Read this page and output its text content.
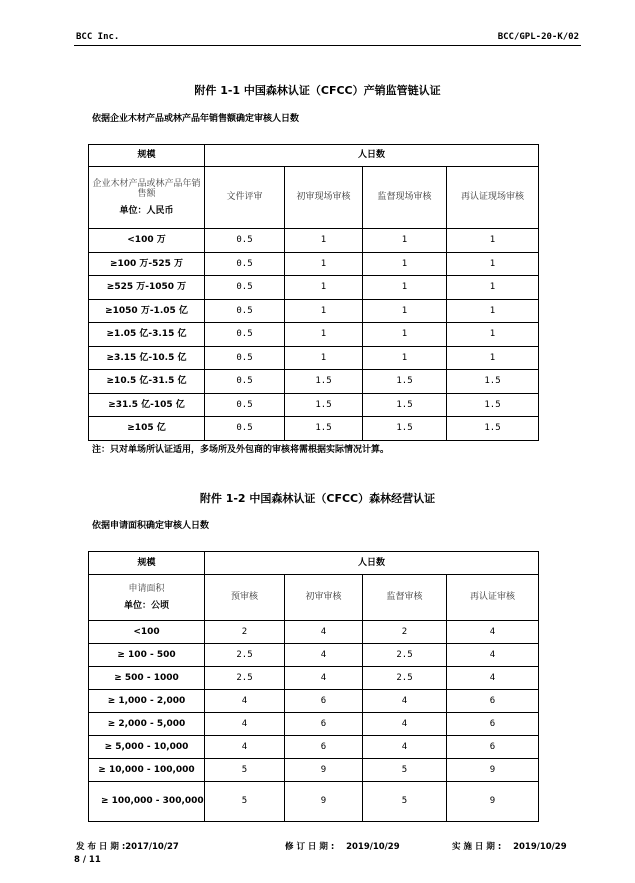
BCC Inc.	BCC/GPL-20-K/02
附件 1-1 中国森林认证（CFCC）产销监管链认证
依据企业木材产品或林产品年销售额确定审核人日数
规模	人日数			
企业木材产品或林产品年销售额
单位：人民币	文件评审	初审现场审核	监督现场审核	再认证现场审核
<100 万	0.5	1	1	1
≥100 万-525 万	0.5	1	1	1
≥525 万-1050 万	0.5	1	1	1
≥1050 万-1.05 亿	0.5	1	1	1
≥1.05 亿-3.15 亿	0.5	1	1	1
≥3.15 亿-10.5 亿	0.5	1	1	1
≥10.5 亿-31.5 亿	0.5	1.5	1.5	1.5
≥31.5 亿-105 亿	0.5	1.5	1.5	1.5
≥105 亿	0.5	1.5	1.5	1.5
注：只对单场所认证适用，多场所及外包商的审核将需根据实际情况计算。
附件 1-2 中国森林认证（CFCC）森林经营认证
依据申请面积确定审核人日数
规模	人日数			
申请面积
单位：公顷	预审核	初审审核	监督审核	再认证审核
<100	2	4	2	4
≥ 100 - 500	2.5	4	2.5	4
≥ 500 - 1000	2.5	4	2.5	4
≥ 1,000 - 2,000	4	6	4	6
≥ 2,000 - 5,000	4	6	4	6
≥ 5,000 - 10,000	4	6	4	6
≥ 10,000 - 100,000	5	9	5	9
≥ 100,000 - 300,000	5	9	5	9
发 布 日 期 :2017/10/27	修 订 日 期 : 2019/10/29	实 施 日 期 : 2019/10/29
8 / 11
